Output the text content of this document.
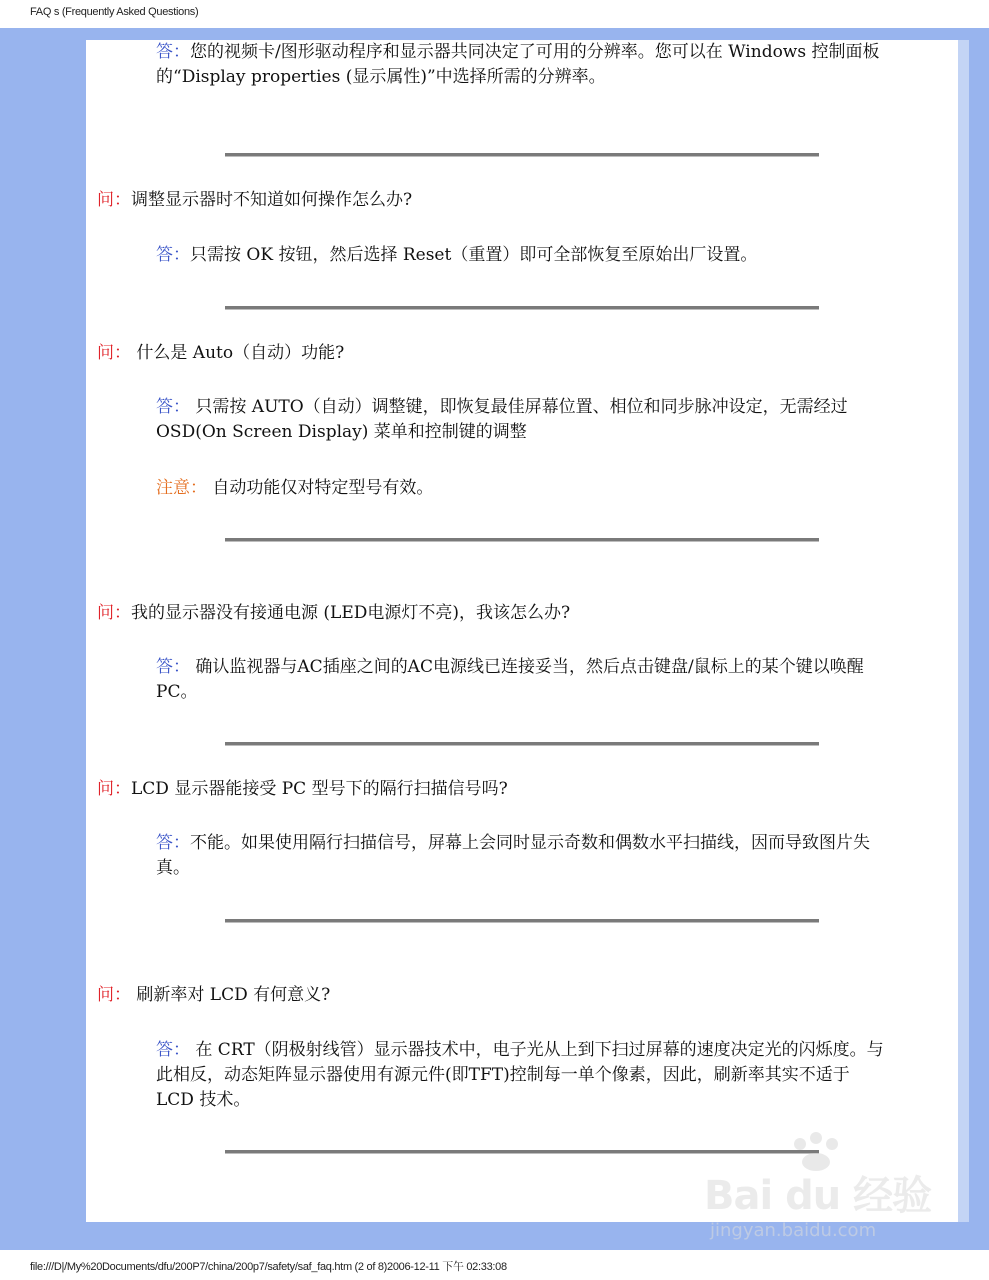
FAQ s (Frequently Asked Questions)
答：您的视频卡/图形驱动程序和显示器共同决定了可用的分辨率。您可以在 Windows 控制面板的“Display properties (显示属性)”中选择所需的分辨率。
问：调整显示器时不知道如何操作怎么办?
答：只需按 OK 按钮，然后选择 Reset（重置）即可全部恢复至原始出厂设置。
问： 什么是 Auto（自动）功能?
答： 只需按 AUTO（自动）调整键，即恢复最佳屏幕位置、相位和同步脉冲设定，无需经过OSD(On Screen Display) 菜单和控制键的调整
注意： 自动功能仅对特定型号有效。
问：我的显示器没有接通电源 (LED电源灯不亮)，我该怎么办?
答： 确认监视器与AC插座之间的AC电源线已连接妥当，然后点击键盘/鼠标上的某个键以唤醒PC。
问：LCD 显示器能接受 PC 型号下的隔行扫描信号吗?
答：不能。如果使用隔行扫描信号，屏幕上会同时显示奇数和偶数水平扫描线，因而导致图片失真。
问： 刷新率对 LCD 有何意义?
答： 在 CRT（阴极射线管）显示器技术中，电子光从上到下扫过屏幕的速度决定光的闪烁度。与此相反，动态矩阵显示器使用有源元件(即TFT)控制每一单个像素，因此，刷新率其实不适于 LCD 技术。
Bai du 经验
jingyan.baidu.com
file:///D|/My%20Documents/dfu/200P7/china/200p7/safety/saf_faq.htm (2 of 8)2006-12-11 下午 02:33:08
